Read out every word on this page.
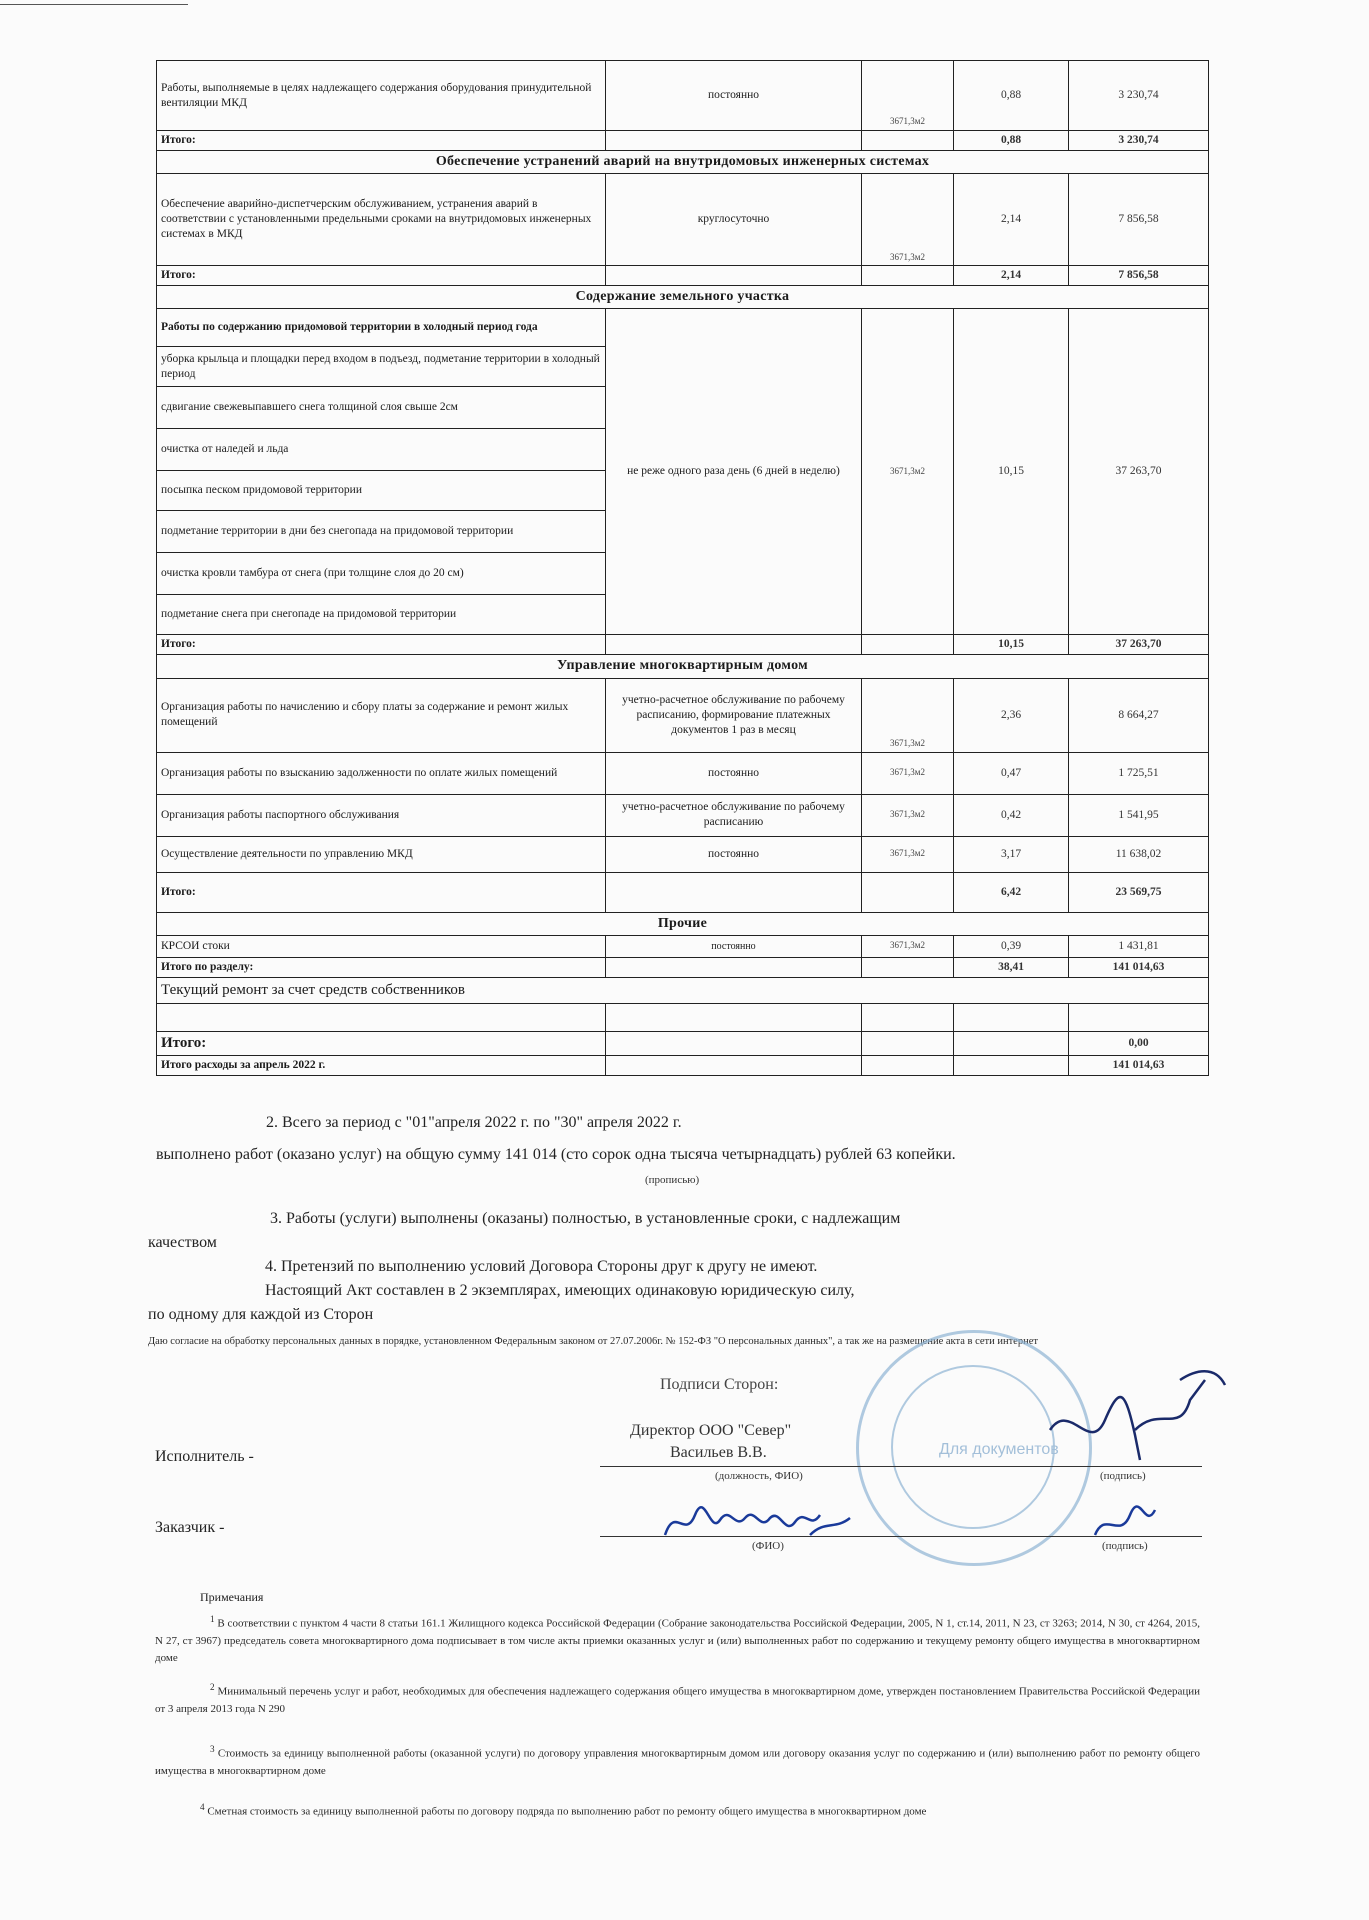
Работы, выполняемые в целях надлежащего содержания оборудования принудительной вентиляции МКД	постоянно	3671,3м2	0,88	3 230,74
Итого:			0,88	3 230,74
Обеспечение устранений аварий на внутридомовых инженерных системах				
Обеспечение аварийно-диспетчерским обслуживанием, устранения аварий в соответствии с установленными предельными сроками на внутридомовых инженерных системах в МКД	круглосуточно	3671,3м2	2,14	7 856,58
Итого:			2,14	7 856,58
Содержание земельного участка				
Работы по содержанию придомовой территории в холодный период года	не реже одного раза день (6 дней в неделю)	3671,3м2	10,15	37 263,70
уборка крыльца и площадки перед входом в подъезд, подметание территории в холодный период				
сдвигание свежевыпавшего снега толщиной слоя свыше 2см				
очистка от наледей и льда				
посыпка песком придомовой территории				
подметание территории в дни без снегопада на придомовой территории				
очистка кровли тамбура от снега (при толщине слоя до 20 см)				
подметание снега при снегопаде на придомовой территории				
Итого:			10,15	37 263,70
Управление многоквартирным домом				
Организация работы по начислению и сбору платы за содержание и ремонт жилых помещений	учетно-расчетное обслуживание по рабочему расписанию, формирование платежных документов 1 раз в месяц	3671,3м2	2,36	8 664,27
Организация работы по взысканию задолженности по оплате жилых помещений	постоянно	3671,3м2	0,47	1 725,51
Организация работы паспортного обслуживания	учетно-расчетное обслуживание по рабочему расписанию	3671,3м2	0,42	1 541,95
Осуществление деятельности по управлению МКД	постоянно	3671,3м2	3,17	11 638,02
Итого:			6,42	23 569,75
Прочие				
КРСОИ стоки	постоянно	3671,3м2	0,39	1 431,81
Итого по разделу:			38,41	141 014,63
Текущий ремонт за счет средств собственников				

Итого:				0,00
Итого расходы за апрель 2022 г.				141 014,63
2. Всего за период с "01"апреля 2022 г. по "30" апреля 2022 г.
выполнено работ (оказано услуг) на общую сумму 141 014 (сто сорок одна тысяча четырнадцать) рублей 63 копейки.
(прописью)
3. Работы (услуги) выполнены (оказаны) полностью, в установленные сроки, с надлежащим
качеством
4. Претензий по выполнению условий Договора Стороны друг к другу не имеют.
Настоящий Акт составлен в 2 экземплярах, имеющих одинаковую юридическую силу,
по одному для каждой из Сторон
Даю согласие на обработку персональных данных в порядке, установленном Федеральным законом от 27.07.2006г. № 152-ФЗ "О персональных данных", а так же на размещение акта в сети интернет
Для документов
Подписи Сторон:
Исполнитель -
Директор ООО "Север"
Васильев В.В.
(должность, ФИО)	(подпись)
Заказчик -
(ФИО)	(подпись)
Примечания
$^1$ В соответствии с пунктом 4 части 8 статьи 161.1 Жилищного кодекса Российской Федерации (Собрание законодательства Российской Федерации, 2005, N 1, ст.14, 2011, N 23, ст 3263; 2014, N 30, ст 4264, 2015, N 27, ст 3967) председатель совета многоквартирного дома подписывает в том числе акты приемки оказанных услуг и (или) выполненных работ по содержанию и текущему ремонту общего имущества в многоквартирном доме
$^2$ Минимальный перечень услуг и работ, необходимых для обеспечения надлежащего содержания общего имущества в многоквартирном доме, утвержден постановлением Правительства Российской Федерации от 3 апреля 2013 года N 290
$^3$ Стоимость за единицу выполненной работы (оказанной услуги) по договору управления многоквартирным домом или договору оказания услуг по содержанию и (или) выполнению работ по ремонту общего имущества в многоквартирном доме
$^4$ Сметная стоимость за единицу выполненной работы по договору подряда по выполнению работ по ремонту общего имущества в многоквартирном доме
